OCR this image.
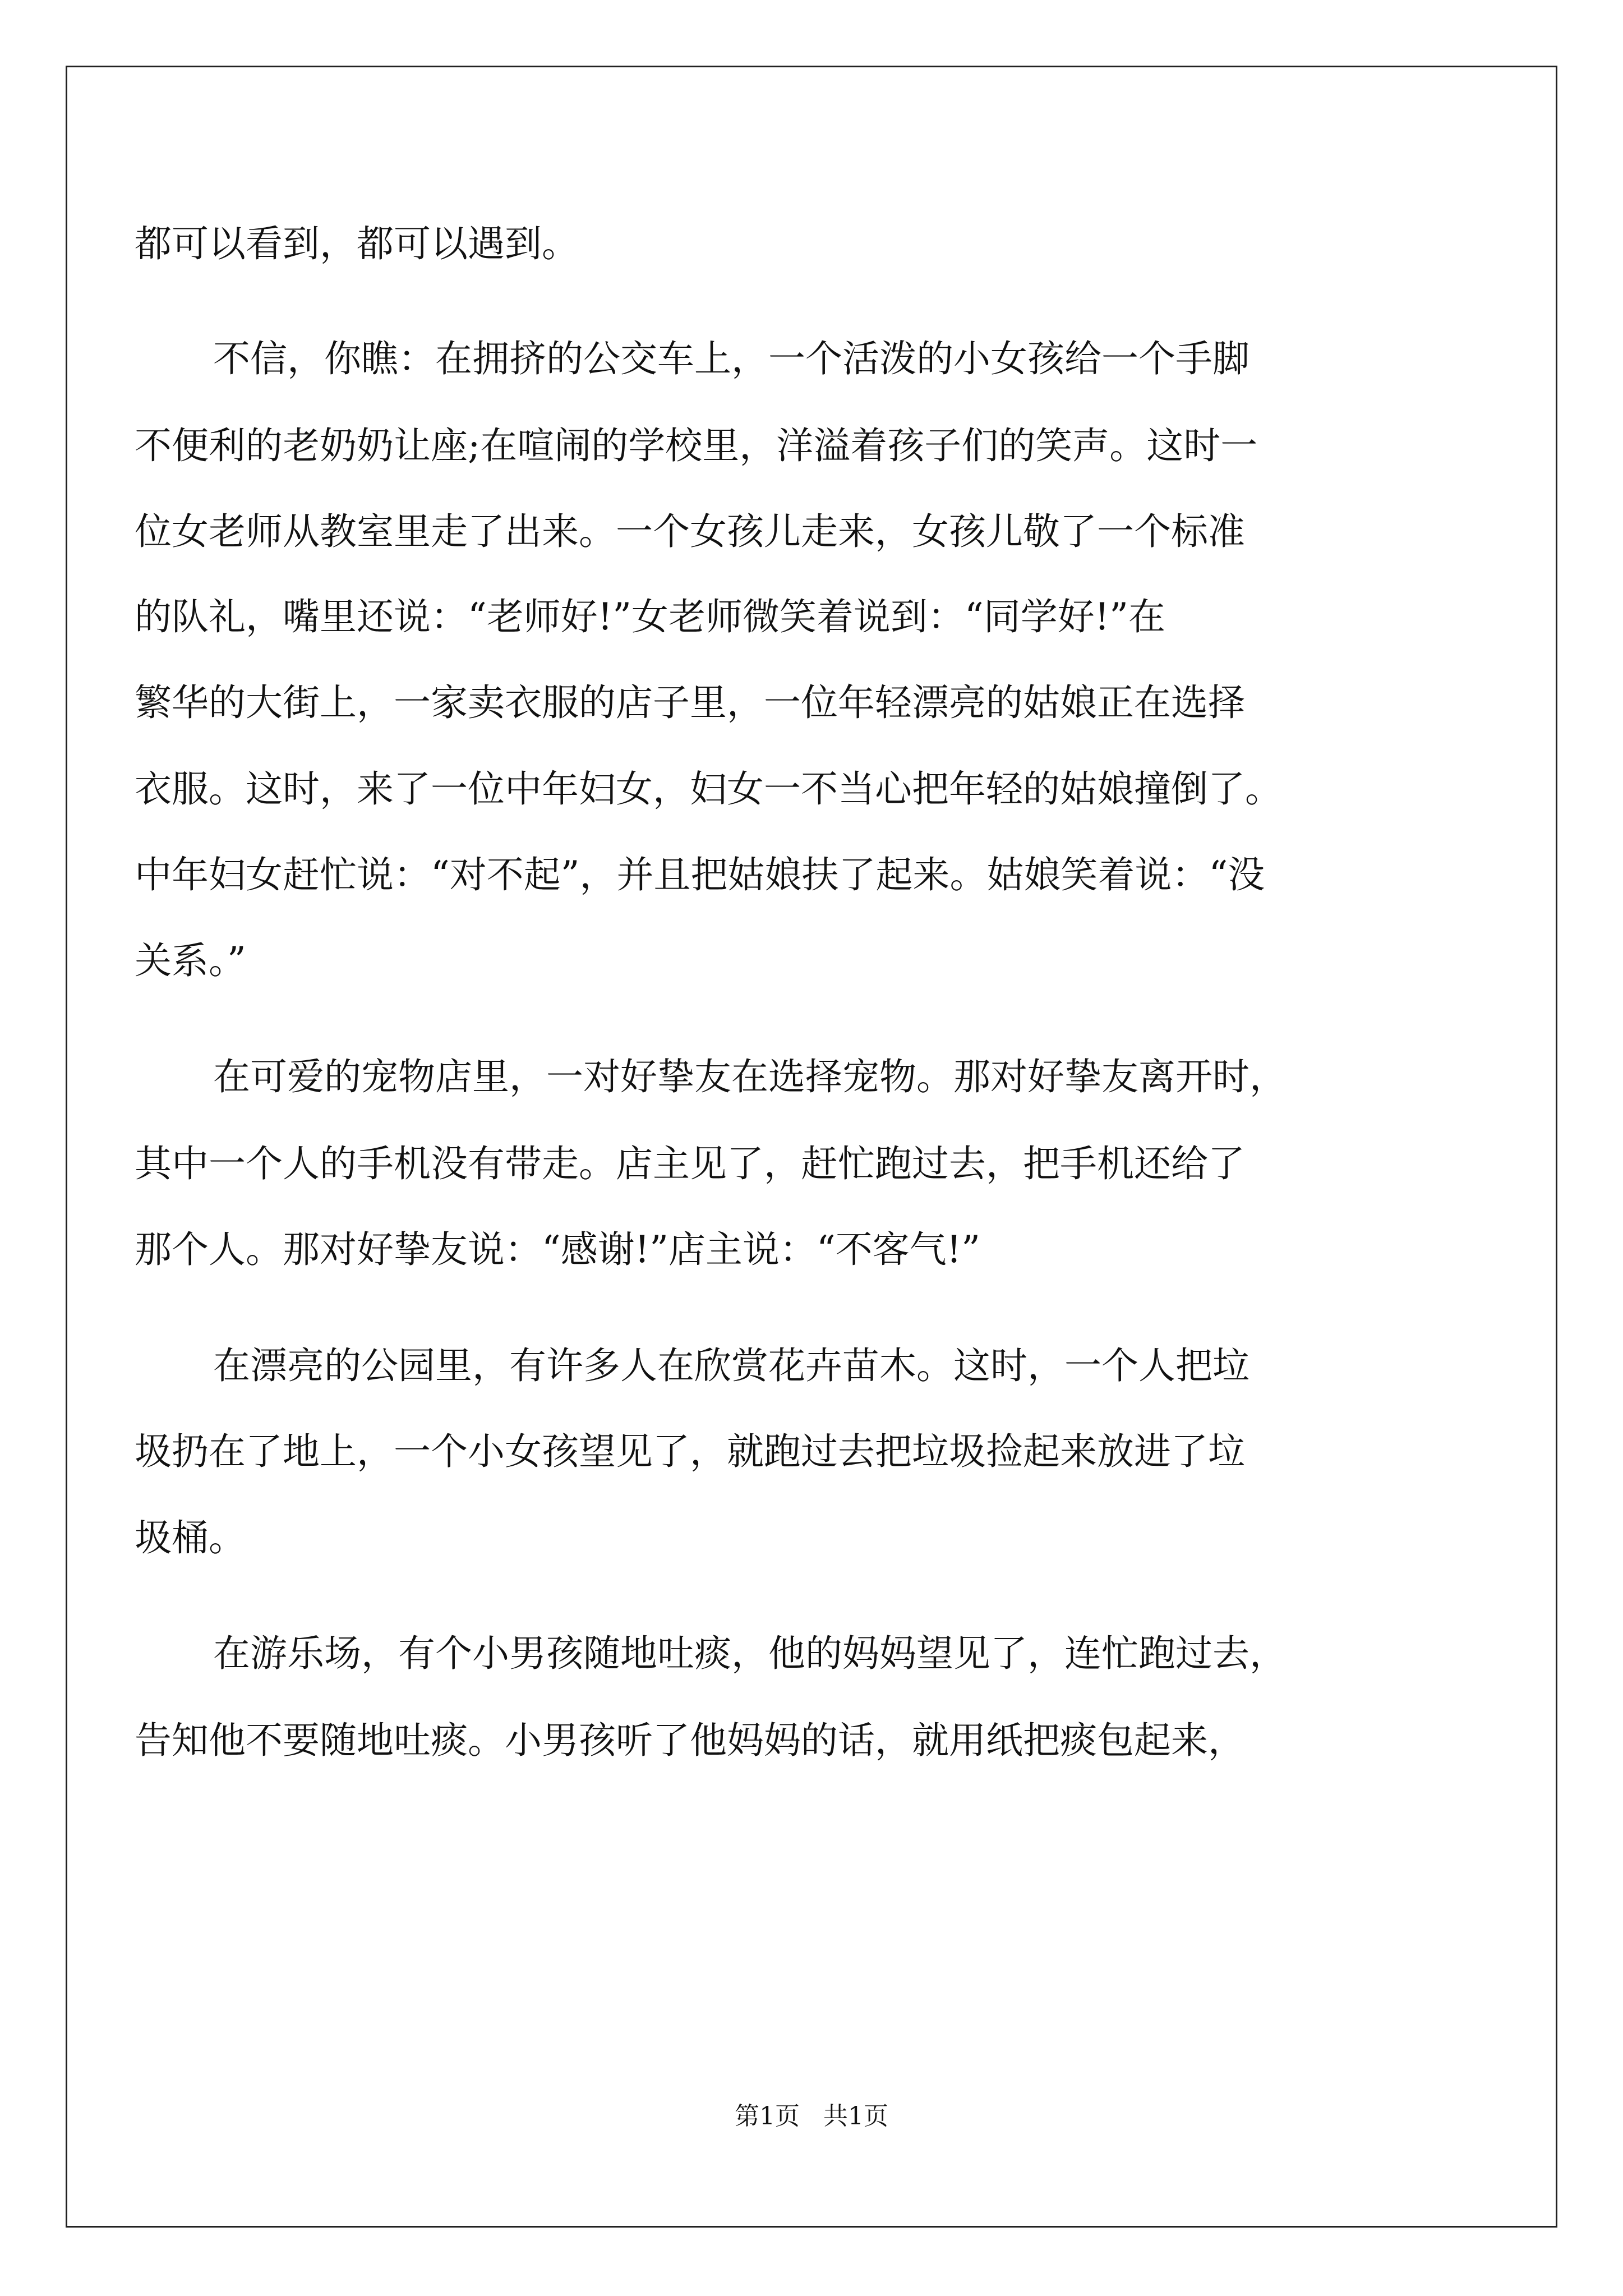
都可以看到，都可以遇到。
不信，你瞧：在拥挤的公交车上，一个活泼的小女孩给一个手脚
不便利的老奶奶让座;在喧闹的学校里，洋溢着孩子们的笑声。这时一
位女老师从教室里走了出来。一个女孩儿走来，女孩儿敬了一个标准
的队礼，嘴里还说：“老师好!”女老师微笑着说到：“同学好!”在
繁华的大街上，一家卖衣服的店子里，一位年轻漂亮的姑娘正在选择
衣服。这时，来了一位中年妇女，妇女一不当心把年轻的姑娘撞倒了。
中年妇女赶忙说：“对不起”，并且把姑娘扶了起来。姑娘笑着说：“没
关系。”
在可爱的宠物店里，一对好挚友在选择宠物。那对好挚友离开时，
其中一个人的手机没有带走。店主见了，赶忙跑过去，把手机还给了
那个人。那对好挚友说：“感谢!”店主说：“不客气!”
在漂亮的公园里，有许多人在欣赏花卉苗木。这时，一个人把垃
圾扔在了地上，一个小女孩望见了，就跑过去把垃圾捡起来放进了垃
圾桶。
在游乐场，有个小男孩随地吐痰，他的妈妈望见了，连忙跑过去，
告知他不要随地吐痰。小男孩听了他妈妈的话，就用纸把痰包起来，
第1页   共1页
